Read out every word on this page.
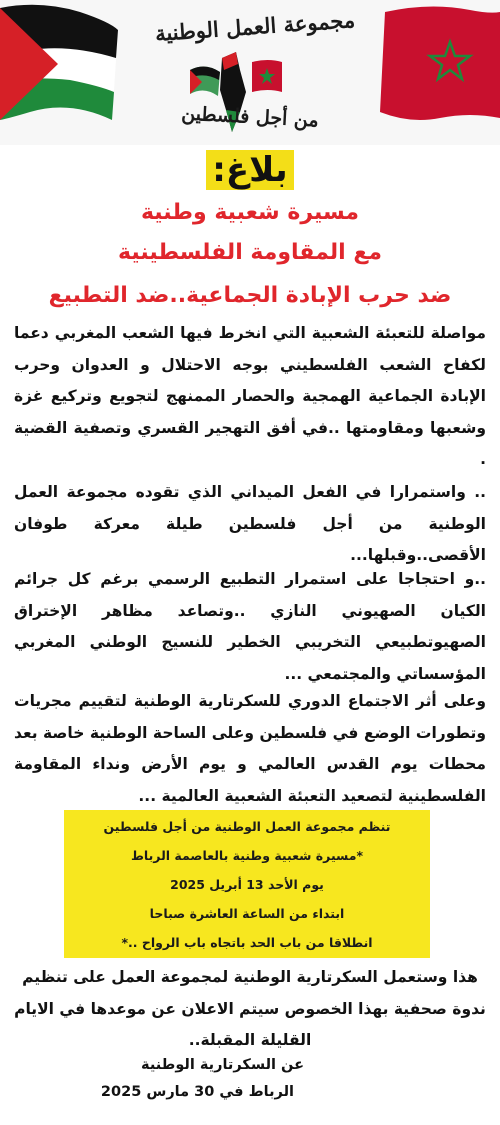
مجموعة العمل الوطنية
من أجل فلسطين
بلاغ:
مسيرة شعبية وطنية
مع المقاومة الفلسطينية
ضد حرب الإبادة الجماعية..ضد التطبيع
مواصلة للتعبئة الشعبية التي انخرط فيها الشعب المغربي دعما لكفاح الشعب الفلسطيني بوجه الاحتلال و العدوان وحرب الإبادة الجماعية الهمجية والحصار الممنهج لتجويع وتركيع غزة وشعبها ومقاومتها ..في أفق التهجير القسري وتصفية القضية .
.. واستمرارا في الفعل الميداني الذي تقوده مجموعة العمل الوطنية من أجل فلسطين طيلة معركة طوفان الأقصى..وقبلها...
..و احتجاجا على استمرار التطبيع الرسمي برغم كل جرائم الكيان الصهيوني النازي ..وتصاعد مظاهر الإختراق الصهيوتطبيعي التخريبي الخطير للنسيج الوطني المغربي المؤسساتي والمجتمعي ...
وعلى أثر الاجتماع الدوري للسكرتارية الوطنية لتقييم مجريات وتطورات الوضع في فلسطين وعلى الساحة الوطنية خاصة بعد محطات يوم القدس العالمي و يوم الأرض ونداء المقاومة الفلسطينية لتصعيد التعبئة الشعبية العالمية ...
تنظم مجموعة العمل الوطنية من أجل فلسطين
*مسيرة شعبية وطنية بالعاصمة الرباط
يوم الأحد 13 أبريل 2025
ابتداء من الساعة العاشرة صباحا
انطلاقا من باب الحد باتجاه باب الرواح ..*
هذا وستعمل السكرتارية الوطنية لمجموعة العمل على تنظيم ندوة صحفية بهذا الخصوص سيتم الاعلان عن موعدها في الايام القليلة المقبلة..
عن السكرتارية الوطنية
الرباط في 30 مارس 2025
